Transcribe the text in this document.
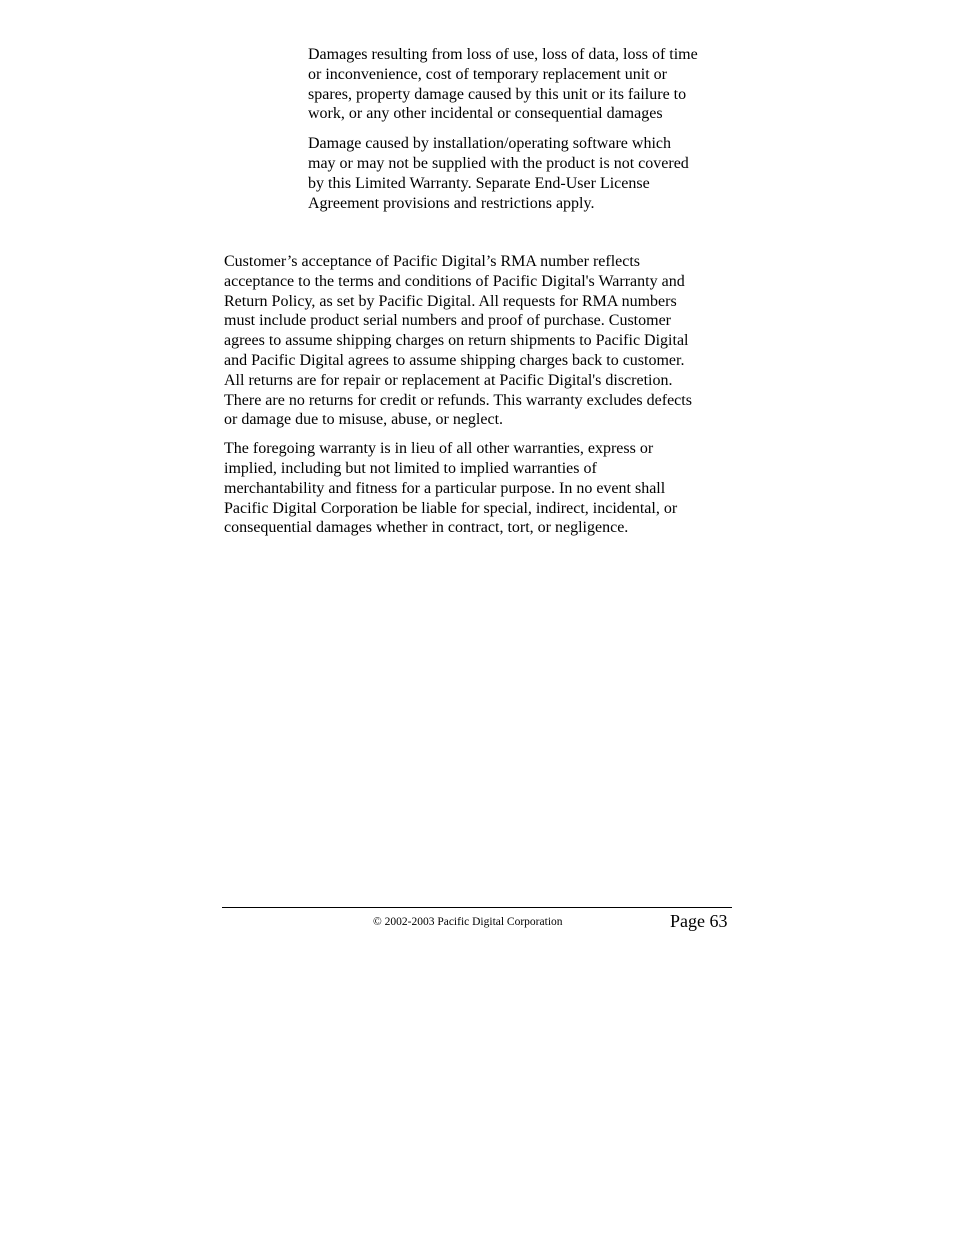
Damages resulting from loss of use, loss of data, loss of time
or inconvenience, cost of temporary replacement unit or
spares, property damage caused by this unit or its failure to
work, or any other incidental or consequential damages

Damage caused by installation/operating software which
may or may not be supplied with the product is not covered
by this Limited Warranty. Separate End-User License
Agreement provisions and restrictions apply.

Customer’s acceptance of Pacific Digital’s RMA number reflects
acceptance to the terms and conditions of Pacific Digital's Warranty and
Return Policy, as set by Pacific Digital. All requests for RMA numbers
must include product serial numbers and proof of purchase. Customer
agrees to assume shipping charges on return shipments to Pacific Digital
and Pacific Digital agrees to assume shipping charges back to customer.
All returns are for repair or replacement at Pacific Digital's discretion.
There are no returns for credit or refunds. This warranty excludes defects
or damage due to misuse, abuse, or neglect.

The foregoing warranty is in lieu of all other warranties, express or
implied, including but not limited to implied warranties of
merchantability and fitness for a particular purpose. In no event shall
Pacific Digital Corporation be liable for special, indirect, incidental, or
consequential damages whether in contract, tort, or negligence.

© 2002-2003 Pacific Digital Corporation	Page 63
